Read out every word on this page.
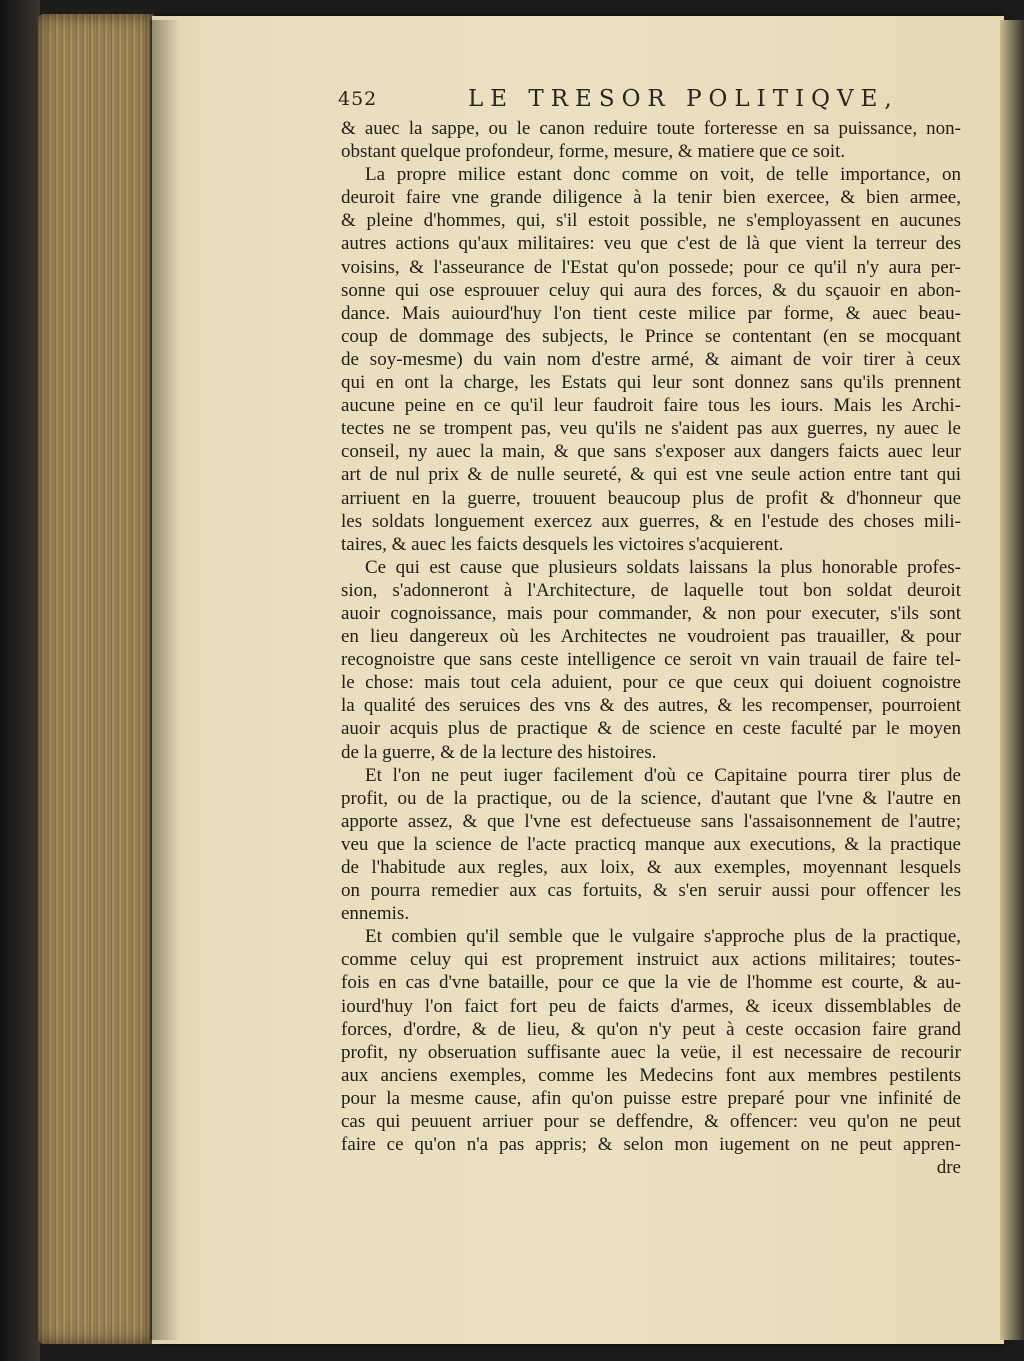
452	LE TRESOR POLITIQVE,
& auec la sappe, ou le canon reduire toute forteresse en sa puissance, non-
obstant quelque profondeur, forme, mesure, & matiere que ce soit.
La propre milice estant donc comme on voit, de telle importance, on
deuroit faire vne grande diligence à la tenir bien exercee, & bien armee,
& pleine d'hommes, qui, s'il estoit possible, ne s'employassent en aucunes
autres actions qu'aux militaires: veu que c'est de là que vient la terreur des
voisins, & l'asseurance de l'Estat qu'on possede; pour ce qu'il n'y aura per-
sonne qui ose esprouuer celuy qui aura des forces, & du sçauoir en abon-
dance. Mais auiourd'huy l'on tient ceste milice par forme, & auec beau-
coup de dommage des subjects, le Prince se contentant (en se mocquant
de soy-mesme) du vain nom d'estre armé, & aimant de voir tirer à ceux
qui en ont la charge, les Estats qui leur sont donnez sans qu'ils prennent
aucune peine en ce qu'il leur faudroit faire tous les iours. Mais les Archi-
tectes ne se trompent pas, veu qu'ils ne s'aident pas aux guerres, ny auec le
conseil, ny auec la main, & que sans s'exposer aux dangers faicts auec leur
art de nul prix & de nulle seureté, & qui est vne seule action entre tant qui
arriuent en la guerre, trouuent beaucoup plus de profit & d'honneur que
les soldats longuement exercez aux guerres, & en l'estude des choses mili-
taires, & auec les faicts desquels les victoires s'acquierent.
Ce qui est cause que plusieurs soldats laissans la plus honorable profes-
sion, s'adonneront à l'Architecture, de laquelle tout bon soldat deuroit
auoir cognoissance, mais pour commander, & non pour executer, s'ils sont
en lieu dangereux où les Architectes ne voudroient pas trauailler, & pour
recognoistre que sans ceste intelligence ce seroit vn vain trauail de faire tel-
le chose: mais tout cela aduient, pour ce que ceux qui doiuent cognoistre
la qualité des seruices des vns & des autres, & les recompenser, pourroient
auoir acquis plus de practique & de science en ceste faculté par le moyen
de la guerre, & de la lecture des histoires.
Et l'on ne peut iuger facilement d'où ce Capitaine pourra tirer plus de
profit, ou de la practique, ou de la science, d'autant que l'vne & l'autre en
apporte assez, & que l'vne est defectueuse sans l'assaisonnement de l'autre;
veu que la science de l'acte practicq manque aux executions, & la practique
de l'habitude aux regles, aux loix, & aux exemples, moyennant lesquels
on pourra remedier aux cas fortuits, & s'en seruir aussi pour offencer les
ennemis.
Et combien qu'il semble que le vulgaire s'approche plus de la practique,
comme celuy qui est proprement instruict aux actions militaires; toutes-
fois en cas d'vne bataille, pour ce que la vie de l'homme est courte, & au-
iourd'huy l'on faict fort peu de faicts d'armes, & iceux dissemblables de
forces, d'ordre, & de lieu, & qu'on n'y peut à ceste occasion faire grand
profit, ny obseruation suffisante auec la veüe, il est necessaire de recourir
aux anciens exemples, comme les Medecins font aux membres pestilents
pour la mesme cause, afin qu'on puisse estre preparé pour vne infinité de
cas qui peuuent arriuer pour se deffendre, & offencer: veu qu'on ne peut
faire ce qu'on n'a pas appris; & selon mon iugement on ne peut appren-
dre
